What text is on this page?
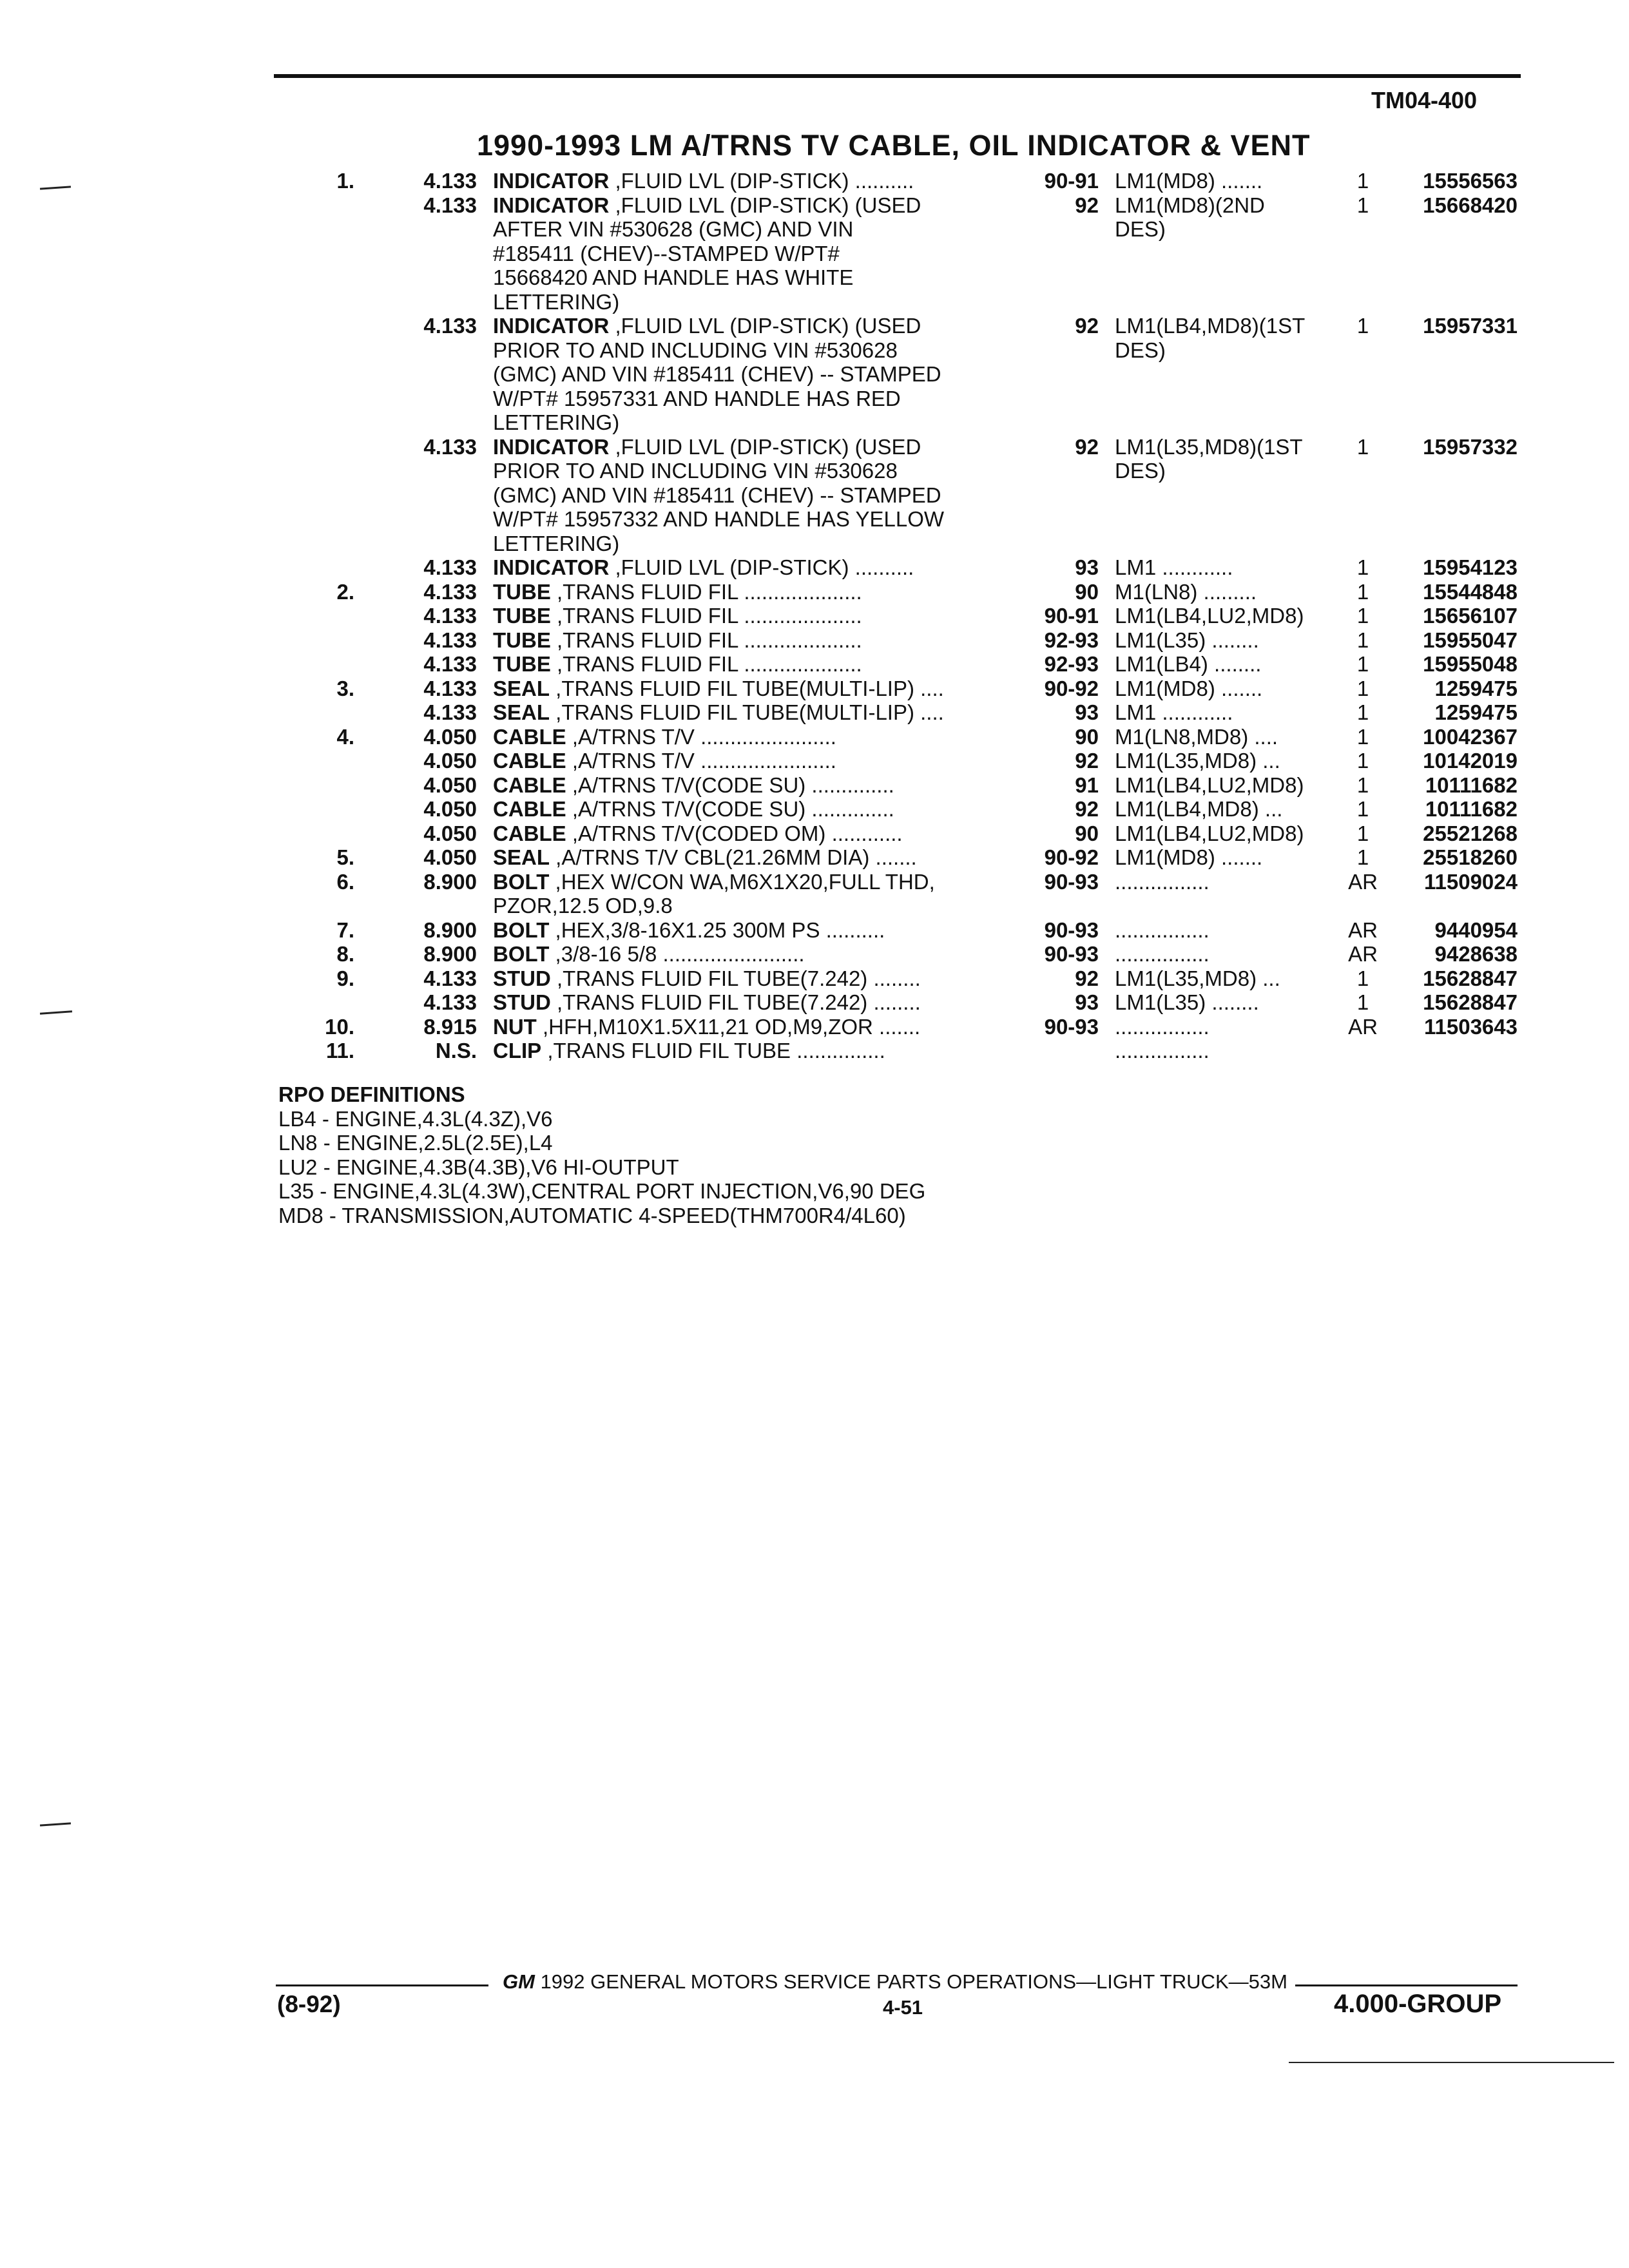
TM04-400
1990-1993 LM A/TRNS TV CABLE, OIL INDICATOR & VENT
1.	4.133 INDICATOR ,FLUID LVL (DIP-STICK) ..........	90-91 LM1(MD8) .......	1	15556563
4.133 INDICATOR ,FLUID LVL (DIP-STICK) (USED	92 LM1(MD8)(2ND	1	15668420
AFTER VIN #530628 (GMC) AND VIN	DES)
#185411 (CHEV)--STAMPED W/PT#
15668420 AND HANDLE HAS WHITE
LETTERING)
4.133 INDICATOR ,FLUID LVL (DIP-STICK) (USED	92 LM1(LB4,MD8)(1ST	1	15957331
PRIOR TO AND INCLUDING VIN #530628	DES)
(GMC) AND VIN #185411 (CHEV) -- STAMPED
W/PT# 15957331 AND HANDLE HAS RED
LETTERING)
4.133 INDICATOR ,FLUID LVL (DIP-STICK) (USED	92 LM1(L35,MD8)(1ST	1	15957332
PRIOR TO AND INCLUDING VIN #530628	DES)
(GMC) AND VIN #185411 (CHEV) -- STAMPED
W/PT# 15957332 AND HANDLE HAS YELLOW
LETTERING)
4.133 INDICATOR ,FLUID LVL (DIP-STICK) ..........	93 LM1 ............	1	15954123
2.	4.133 TUBE ,TRANS FLUID FIL ....................	90 M1(LN8) .........	1	15544848
4.133 TUBE ,TRANS FLUID FIL ....................	90-91 LM1(LB4,LU2,MD8)	1	15656107
4.133 TUBE ,TRANS FLUID FIL ....................	92-93 LM1(L35) ........	1	15955047
4.133 TUBE ,TRANS FLUID FIL ....................	92-93 LM1(LB4) ........	1	15955048
3.	4.133 SEAL ,TRANS FLUID FIL TUBE(MULTI-LIP) ....	90-92 LM1(MD8) .......	1	1259475
4.133 SEAL ,TRANS FLUID FIL TUBE(MULTI-LIP) ....	93 LM1 ............	1	1259475
4.	4.050 CABLE ,A/TRNS T/V .......................	90 M1(LN8,MD8) ....	1	10042367
4.050 CABLE ,A/TRNS T/V .......................	92 LM1(L35,MD8) ...	1	10142019
4.050 CABLE ,A/TRNS T/V(CODE SU) ..............	91 LM1(LB4,LU2,MD8)	1	10111682
4.050 CABLE ,A/TRNS T/V(CODE SU) ..............	92 LM1(LB4,MD8) ...	1	10111682
4.050 CABLE ,A/TRNS T/V(CODED OM) ............	90 LM1(LB4,LU2,MD8)	1	25521268
5.	4.050 SEAL ,A/TRNS T/V CBL(21.26MM DIA) .......	90-92 LM1(MD8) .......	1	25518260
6.	8.900 BOLT ,HEX W/CON WA,M6X1X20,FULL THD,	90-93 ................	AR	11509024
PZOR,12.5 OD,9.8
7.	8.900 BOLT ,HEX,3/8-16X1.25 300M PS ..........	90-93 ................	AR	9440954
8.	8.900 BOLT ,3/8-16 5/8 ........................	90-93 ................	AR	9428638
9.	4.133 STUD ,TRANS FLUID FIL TUBE(7.242) ........	92 LM1(L35,MD8) ...	1	15628847
4.133 STUD ,TRANS FLUID FIL TUBE(7.242) ........	93 LM1(L35) ........	1	15628847
10.	8.915 NUT ,HFH,M10X1.5X11,21 OD,M9,ZOR .......	90-93 ................	AR	11503643
11.	N.S. CLIP ,TRANS FLUID FIL TUBE ...............	................
RPO DEFINITIONS
LB4 - ENGINE,4.3L(4.3Z),V6
LN8 - ENGINE,2.5L(2.5E),L4
LU2 - ENGINE,4.3B(4.3B),V6 HI-OUTPUT
L35 - ENGINE,4.3L(4.3W),CENTRAL PORT INJECTION,V6,90 DEG
MD8 - TRANSMISSION,AUTOMATIC 4-SPEED(THM700R4/4L60)
(8-92)
GM 1992 GENERAL MOTORS SERVICE PARTS OPERATIONS—LIGHT TRUCK—53M
4-51	4.000-GROUP
